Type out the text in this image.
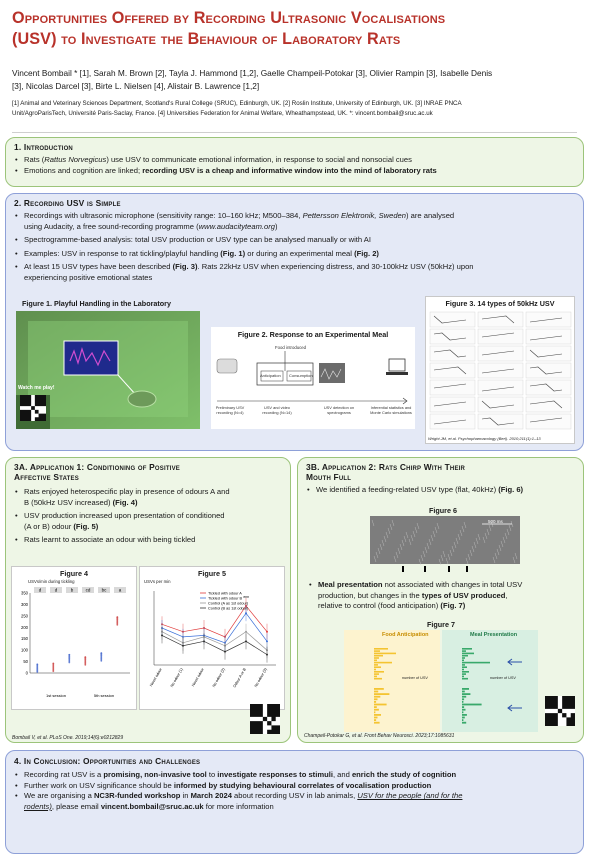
Opportunities Offered by Recording Ultrasonic Vocalisations
(USV) to Investigate the Behaviour of Laboratory Rats
Vincent Bombail * [1], Sarah M. Brown [2], Tayla J. Hammond [1,2], Gaelle Champeil-Potokar [3], Olivier Rampin [3], Isabelle Denis
[3], Nicolas Darcel [3], Birte L. Nielsen [4], Alistair B. Lawrence [1,2]
[1] Animal and Veterinary Sciences Department, Scotland's Rural College (SRUC), Edinburgh, UK. [2] Roslin Institute, University of Edinburgh, UK. [3] INRAE PNCA
Unit/AgroParisTech, Université Paris-Saclay, France. [4] Universities Federation for Animal Welfare, Wheathampstead, UK. *: vincent.bombail@sruc.ac.uk
1. Introduction
• Rats (Rattus Norvegicus) use USV to communicate emotional information, in response to social and nonsocial cues
• Emotions and cognition are linked; recording USV is a cheap and informative window into the mind of laboratory rats
2. Recording USV is Simple
• Recordings with ultrasonic microphone (sensitivity range: 10–160 kHz; M500–384, Pettersson Elektronik, Sweden) are analysed
using Audacity, a free sound-recording programme (www.audacityteam.org)
• Spectrogramme-based analysis: total USV production or USV type can be analysed manually or with AI
• Examples: USV in response to rat tickling/playful handling (Fig. 1) or during an experimental meal (Fig. 2)
• At least 15 USV types have been described (Fig. 3). Rats 22kHz USV when experiencing distress, and 30-100kHz USV (50kHz) upon
experiencing positive emotional states
Figure 1. Playful Handling in the Laboratory
Watch me play!
Figure 2. Response to an Experimental Meal
Food introduced
Anticipation Consumption
Preliminary USV recording (N=4)
USV and video recording (N=14)
USV detection on spectrograms
Inferential statistics and Monte Carlo simulations
Figure 3. 14 types of 50kHz USV
Wright JM, et al. Psychopharmacology (Berl). 2010;211(1):1–13
3A. Application 1: Conditioning of Positive
Affective States
• Rats enjoyed heterospecific play in presence of odours A and
B (50kHz USV increased) (Fig. 4)
• USV production increased upon presentation of conditioned
(A or B) odour (Fig. 5)
• Rats learnt to associate an odour with being tickled
Figure 4
USVs/min during tickling
350
300
250
200
150
100
50
0
d	d	b	cd bc	a
1st session	5th session
Figure 5
USVs per min
Tickled with odour A
Tickled with odour B
Control (A as 1st odour)
Control (B as 1st odour)
***
Novel odour No odour (1) Novel odour No odour (2) Odour A or B No odour (3)
Bombail V, et al. PLoS One. 2019;14(6):e0212829
3B. Application 2: Rats Chirp With Their
Mouth Full
• We identified a feeding-related USV type (flat, 40kHz) (Fig. 6)
Figure 6
500 ms
• Meal presentation not associated with changes in total USV
production, but changes in the types of USV produced,
relative to control (food anticipation) (Fig. 7)
Figure 7
Food Anticipation	Meal Presentation
number of USV	number of USV
Champeil-Potokar G, et al. Front Behav Neurosci. 2023;17:1085631
4. In Conclusion: Opportunities and Challenges
• Recording rat USV is a promising, non-invasive tool to investigate responses to stimuli, and enrich the study of cognition
• Further work on USV significance should be informed by studying behavioural correlates of vocalisation production
• We are organising a NC3R-funded workshop in March 2024 about recording USV in lab animals, USV for the people (and for the
rodents), please email vincent.bombail@sruc.ac.uk for more information
